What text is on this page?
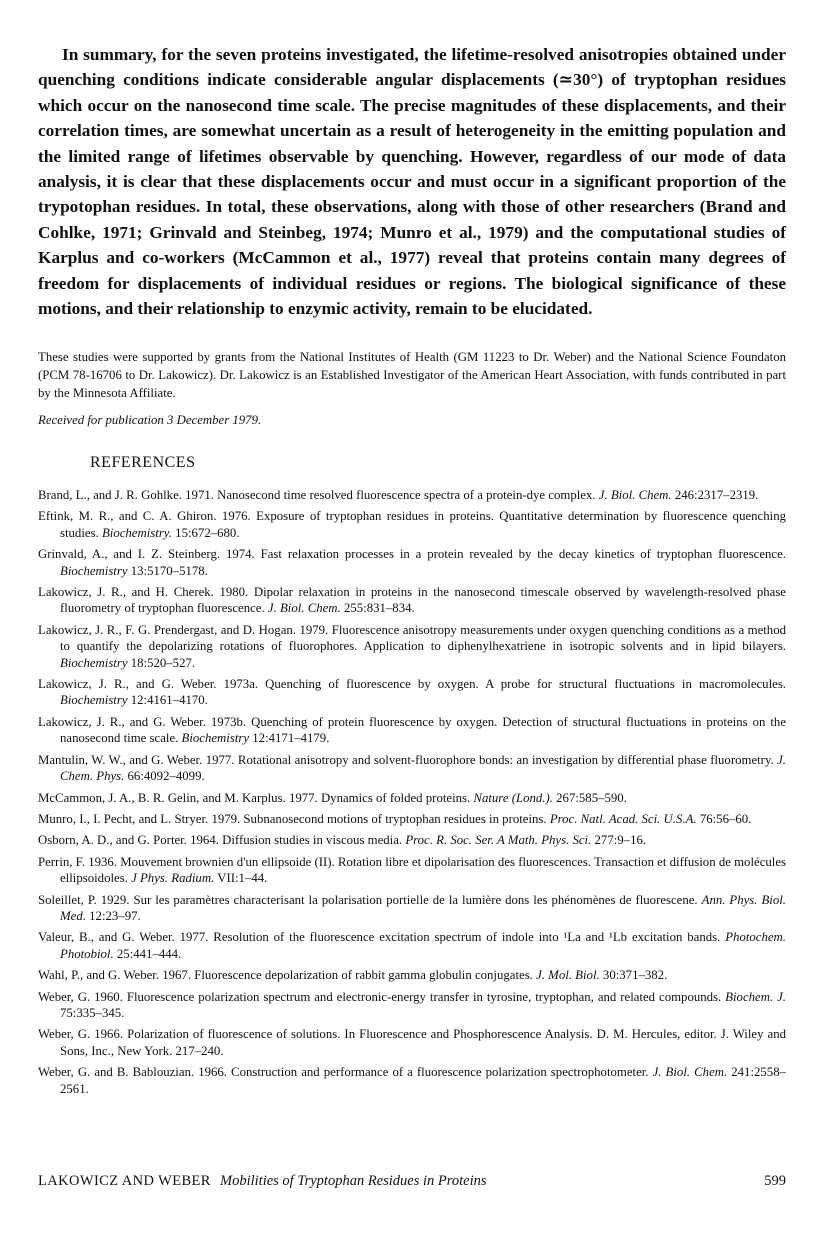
In summary, for the seven proteins investigated, the lifetime-resolved anisotropies obtained under quenching conditions indicate considerable angular displacements (≃30°) of tryptophan residues which occur on the nanosecond time scale. The precise magnitudes of these displacements, and their correlation times, are somewhat uncertain as a result of heterogeneity in the emitting population and the limited range of lifetimes observable by quenching. However, regardless of our mode of data analysis, it is clear that these displacements occur and must occur in a significant proportion of the trypotophan residues. In total, these observations, along with those of other researchers (Brand and Cohlke, 1971; Grinvald and Steinbeg, 1974; Munro et al., 1979) and the computational studies of Karplus and co-workers (McCammon et al., 1977) reveal that proteins contain many degrees of freedom for displacements of individual residues or regions. The biological significance of these motions, and their relationship to enzymic activity, remain to be elucidated.

These studies were supported by grants from the National Institutes of Health (GM 11223 to Dr. Weber) and the National Science Foundaton (PCM 78-16706 to Dr. Lakowicz). Dr. Lakowicz is an Established Investigator of the American Heart Association, with funds contributed in part by the Minnesota Affiliate.

Received for publication 3 December 1979.

REFERENCES
Brand, L., and J. R. Gohlke. 1971. Nanosecond time resolved fluorescence spectra of a protein-dye complex. J. Biol. Chem. 246:2317–2319.
Eftink, M. R., and C. A. Ghiron. 1976. Exposure of tryptophan residues in proteins. Quantitative determination by fluorescence quenching studies. Biochemistry. 15:672–680.
Grinvald, A., and I. Z. Steinberg. 1974. Fast relaxation processes in a protein revealed by the decay kinetics of tryptophan fluorescence. Biochemistry 13:5170–5178.
Lakowicz, J. R., and H. Cherek. 1980. Dipolar relaxation in proteins in the nanosecond timescale observed by wavelength-resolved phase fluorometry of tryptophan fluorescence. J. Biol. Chem. 255:831–834.
Lakowicz, J. R., F. G. Prendergast, and D. Hogan. 1979. Fluorescence anisotropy measurements under oxygen quenching conditions as a method to quantify the depolarizing rotations of fluorophores. Application to diphenylhexatriene in isotropic solvents and in lipid bilayers. Biochemistry 18:520–527.
Lakowicz, J. R., and G. Weber. 1973a. Quenching of fluorescence by oxygen. A probe for structural fluctuations in macromolecules. Biochemistry 12:4161–4170.
Lakowicz, J. R., and G. Weber. 1973b. Quenching of protein fluorescence by oxygen. Detection of structural fluctuations in proteins on the nanosecond time scale. Biochemistry 12:4171–4179.
Mantulin, W. W., and G. Weber. 1977. Rotational anisotropy and solvent-fluorophore bonds: an investigation by differential phase fluorometry. J. Chem. Phys. 66:4092–4099.
McCammon, J. A., B. R. Gelin, and M. Karplus. 1977. Dynamics of folded proteins. Nature (Lond.). 267:585–590.
Munro, I., I. Pecht, and L. Stryer. 1979. Subnanosecond motions of tryptophan residues in proteins. Proc. Natl. Acad. Sci. U.S.A. 76:56–60.
Osborn, A. D., and G. Porter. 1964. Diffusion studies in viscous media. Proc. R. Soc. Ser. A Math. Phys. Sci. 277:9–16.
Perrin, F. 1936. Mouvement brownien d'un ellipsoide (II). Rotation libre et dipolarisation des fluorescences. Transaction et diffusion de molécules ellipsoidoles. J Phys. Radium. VII:1–44.
Soleillet, P. 1929. Sur les paramètres characterisant la polarisation portielle de la lumière dons les phénomènes de fluorescene. Ann. Phys. Biol. Med. 12:23–97.
Valeur, B., and G. Weber. 1977. Resolution of the fluorescence excitation spectrum of indole into ¹La and ¹Lb excitation bands. Photochem. Photobiol. 25:441–444.
Wahl, P., and G. Weber. 1967. Fluorescence depolarization of rabbit gamma globulin conjugates. J. Mol. Biol. 30:371–382.
Weber, G. 1960. Fluorescence polarization spectrum and electronic-energy transfer in tyrosine, tryptophan, and related compounds. Biochem. J. 75:335–345.
Weber, G. 1966. Polarization of fluorescence of solutions. In Fluorescence and Phosphorescence Analysis. D. M. Hercules, editor. J. Wiley and Sons, Inc., New York. 217–240.
Weber, G. and B. Bablouzian. 1966. Construction and performance of a fluorescence polarization spectrophotometer. J. Biol. Chem. 241:2558–2561.
LAKOWICZ AND WEBER Mobilities of Tryptophan Residues in Proteins	599
